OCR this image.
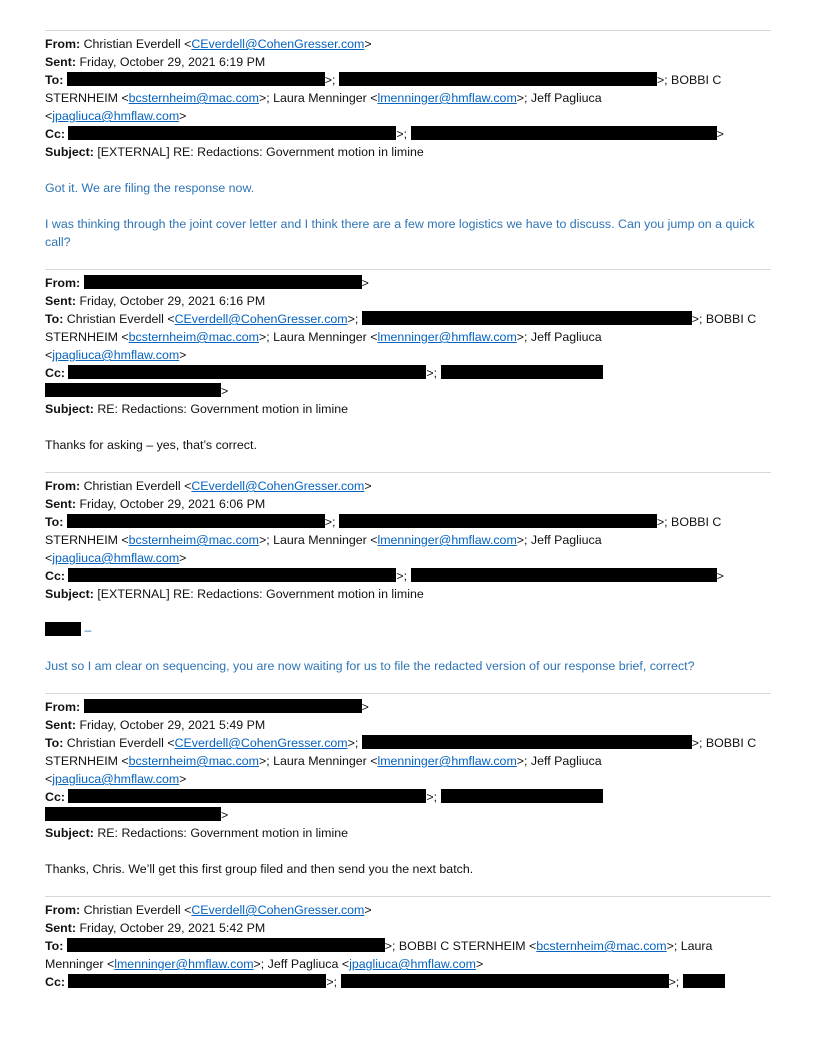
From: Christian Everdell <CEverdell@CohenGresser.com>
Sent: Friday, October 29, 2021 6:19 PM
To:	>;	>; BOBBI C
STERNHEIM <bcsternheim@mac.com>; Laura Menninger <lmenninger@hmflaw.com>; Jeff Pagliuca
<jpagliuca@hmflaw.com>
Cc:	>;	>
Subject: [EXTERNAL] RE: Redactions: Government motion in limine

Got it. We are filing the response now.

I was thinking through the joint cover letter and I think there are a few more logistics we have to discuss. Can you jump on a quick call?

From:	>
Sent: Friday, October 29, 2021 6:16 PM
To: Christian Everdell <CEverdell@CohenGresser.com>;	>; BOBBI C
STERNHEIM <bcsternheim@mac.com>; Laura Menninger <lmenninger@hmflaw.com>; Jeff Pagliuca
<jpagliuca@hmflaw.com>
Cc:	>;
>
Subject: RE: Redactions: Government motion in limine

Thanks for asking – yes, that’s correct.

From: Christian Everdell <CEverdell@CohenGresser.com>
Sent: Friday, October 29, 2021 6:06 PM
To:	>;	>; BOBBI C
STERNHEIM <bcsternheim@mac.com>; Laura Menninger <lmenninger@hmflaw.com>; Jeff Pagliuca
<jpagliuca@hmflaw.com>
Cc:	>;	>
Subject: [EXTERNAL] RE: Redactions: Government motion in limine

–

Just so I am clear on sequencing, you are now waiting for us to file the redacted version of our response brief, correct?

From:	>
Sent: Friday, October 29, 2021 5:49 PM
To: Christian Everdell <CEverdell@CohenGresser.com>;	>; BOBBI C
STERNHEIM <bcsternheim@mac.com>; Laura Menninger <lmenninger@hmflaw.com>; Jeff Pagliuca
<jpagliuca@hmflaw.com>
Cc:	>;
>
Subject: RE: Redactions: Government motion in limine

Thanks, Chris. We’ll get this first group filed and then send you the next batch.

From: Christian Everdell <CEverdell@CohenGresser.com>
Sent: Friday, October 29, 2021 5:42 PM
To:	>; BOBBI C STERNHEIM <bcsternheim@mac.com>; Laura
Menninger <lmenninger@hmflaw.com>; Jeff Pagliuca <jpagliuca@hmflaw.com>
Cc:	>;	>;
